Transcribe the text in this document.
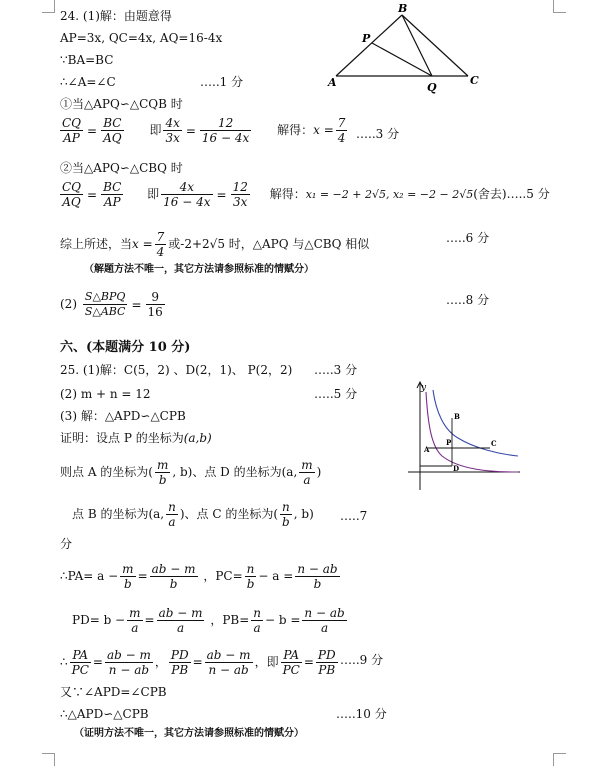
24. (1)解：由题意得
AP=3x, QC=4x, AQ=16-4x
∵BA=BC
∴∠A=∠C	…..1 分
①当△APQ∽△CQB 时
$\frac{CQ}{AP} = \frac{BC}{AQ}$ 即 $\frac{4x}{3x} = \frac{12}{16 - 4x}$ 解得：$x = \frac{7}{4}$ …..3 分
②当△APQ∽△CBQ 时
$\frac{CQ}{AQ} = \frac{BC}{AP}$ 即 $\frac{4x}{16 - 4x} = \frac{12}{3x}$ 解得：x₁ = −2 + 2√5, x₂ = −2 − 2√5(舍去)…..5 分
综上所述，当$x = \frac{7}{4}$ 或-2+2√5 时，△APQ 与△CBQ 相似	…..6 分
（解题方法不唯一，其它方法请参照标准的情赋分）
$(2) \frac{\text{S△BPQ}}{\text{S△ABC}} = \frac{9}{16}$	…..8 分
六、(本题满分 10 分)
25. (1)解：C(5，2) 、D(2，1)、 P(2，2) …..3 分
(2) m + n = 12	…..5 分
(3) 解：△APD∽△CPB
证明：设点 P 的坐标为(a,b)
则点 A 的坐标为( $\frac{m}{b}$ , b)、点 D 的坐标为(a, $\frac{m}{a}$ )
点 B 的坐标为(a, $\frac{n}{a}$ )、点 C 的坐标为( $\frac{n}{b}$ , b) …..7
分
∴PA= $a - \frac{m}{b} = \frac{ab - m}{b}$ ，$PC= \frac{n}{b} - a = \frac{n - ab}{b}$
$PD= b - \frac{m}{a} = \frac{ab - m}{a}$ ，$PB= \frac{n}{a} - b = \frac{n - ab}{a}$
∴ $\frac{PA}{PC} = \frac{ab - m}{n - ab}$ ， $\frac{PD}{PB} = \frac{ab - m}{n - ab}$ ，即 $\frac{PA}{PC} = \frac{PD}{PB}$ …..9 分
又∵∠APD=∠CPB
∴△APD∽△CPB	…..10 分
（证明方法不唯一，其它方法请参照标准的情赋分）
A
B
C
P
Q
y
B
P	C
A
D
